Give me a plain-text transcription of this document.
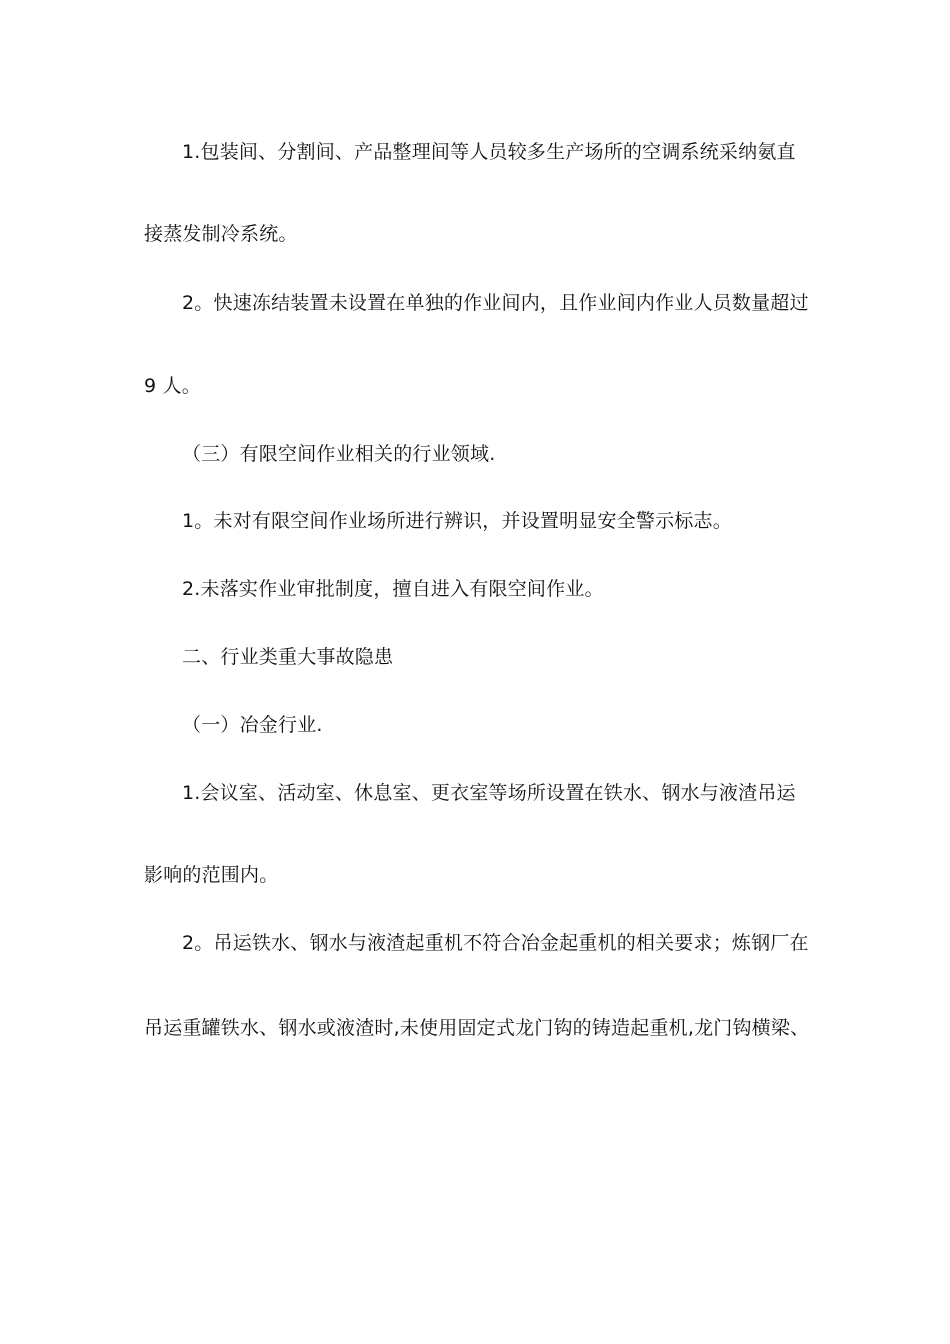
1.包装间、分割间、产品整理间等人员较多生产场所的空调系统采纳氨直
接蒸发制冷系统。
2。快速冻结装置未设置在单独的作业间内，且作业间内作业人员数量超过
9 人。
（三）有限空间作业相关的行业领域.
1。未对有限空间作业场所进行辨识，并设置明显安全警示标志。
2.未落实作业审批制度，擅自进入有限空间作业。
二、行业类重大事故隐患
（一）冶金行业.
1.会议室、活动室、休息室、更衣室等场所设置在铁水、钢水与液渣吊运
影响的范围内。
2。吊运铁水、钢水与液渣起重机不符合冶金起重机的相关要求；炼钢厂在
吊运重罐铁水、钢水或液渣时,未使用固定式龙门钩的铸造起重机,龙门钩横梁、
